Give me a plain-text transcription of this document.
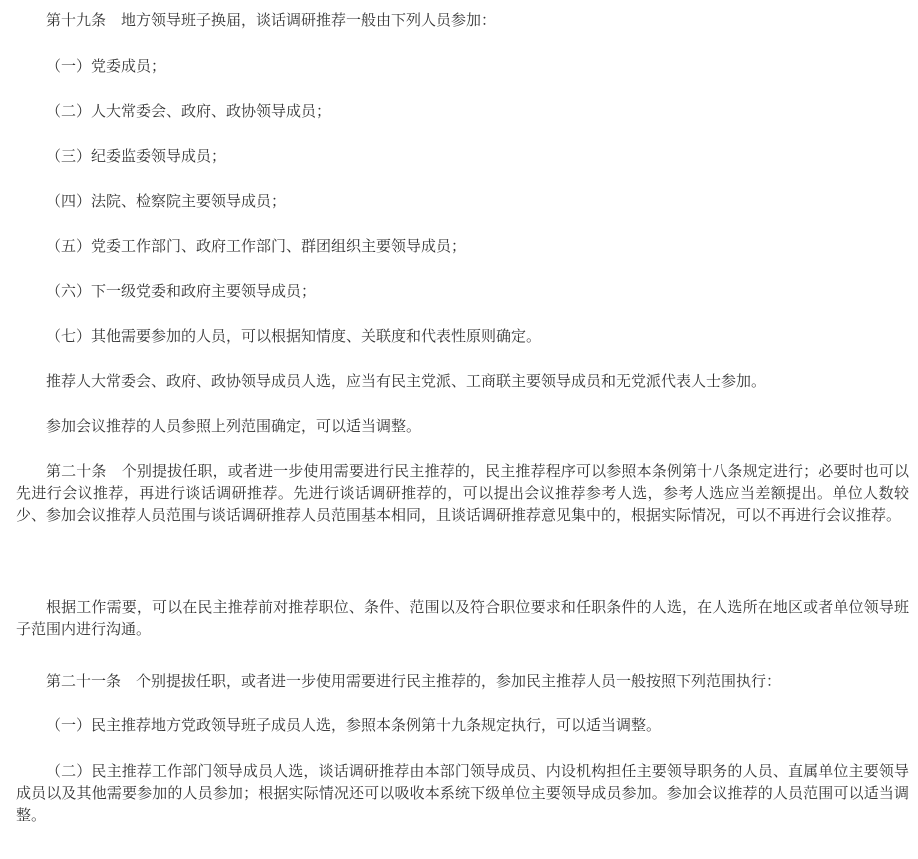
第十九条　地方领导班子换届，谈话调研推荐一般由下列人员参加：

（一）党委成员；

（二）人大常委会、政府、政协领导成员；

（三）纪委监委领导成员；

（四）法院、检察院主要领导成员；

（五）党委工作部门、政府工作部门、群团组织主要领导成员；

（六）下一级党委和政府主要领导成员；

（七）其他需要参加的人员，可以根据知情度、关联度和代表性原则确定。

推荐人大常委会、政府、政协领导成员人选，应当有民主党派、工商联主要领导成员和无党派代表人士参加。

参加会议推荐的人员参照上列范围确定，可以适当调整。

第二十条　个别提拔任职，或者进一步使用需要进行民主推荐的，民主推荐程序可以参照本条例第十八条规定进行；必要时也可以先进行会议推荐，再进行谈话调研推荐。先进行谈话调研推荐的，可以提出会议推荐参考人选，参考人选应当差额提出。单位人数较少、参加会议推荐人员范围与谈话调研推荐人员范围基本相同，且谈话调研推荐意见集中的，根据实际情况，可以不再进行会议推荐。

根据工作需要，可以在民主推荐前对推荐职位、条件、范围以及符合职位要求和任职条件的人选，在人选所在地区或者单位领导班子范围内进行沟通。

第二十一条　个别提拔任职，或者进一步使用需要进行民主推荐的，参加民主推荐人员一般按照下列范围执行：

（一）民主推荐地方党政领导班子成员人选，参照本条例第十九条规定执行，可以适当调整。

（二）民主推荐工作部门领导成员人选，谈话调研推荐由本部门领导成员、内设机构担任主要领导职务的人员、直属单位主要领导成员以及其他需要参加的人员参加；根据实际情况还可以吸收本系统下级单位主要领导成员参加。参加会议推荐的人员范围可以适当调整。
